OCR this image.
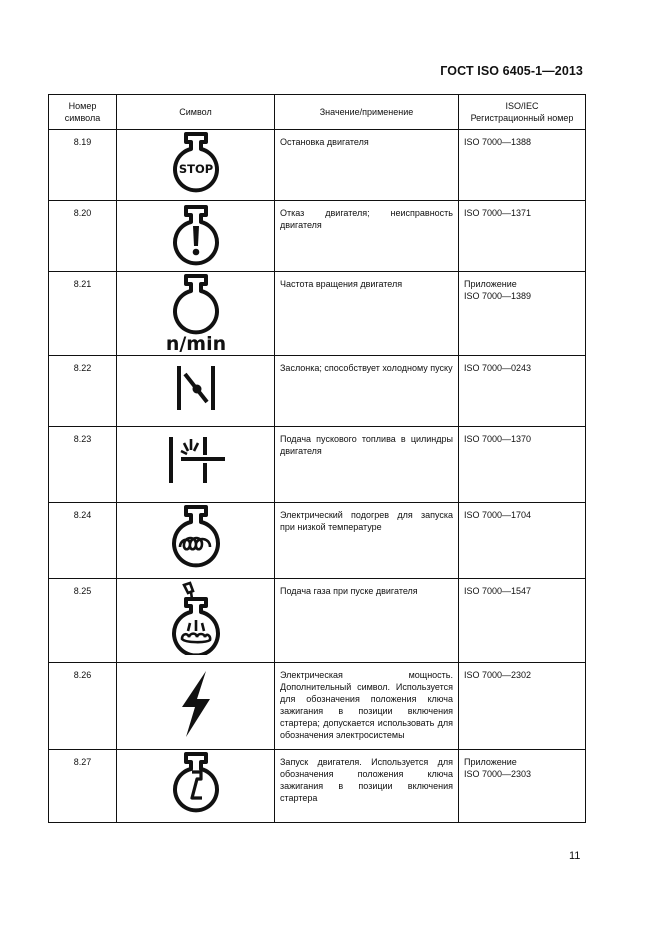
ГОСТ ISO 6405-1—2013
Номер
символа	Символ	Значение/применение	ISO/IEC
Регистрационный номер
8.19	STOP	Остановка двигателя	ISO 7000—1388
8.20		Отказ двигателя; неисправность двигателя	ISO 7000—1371
8.21	n/min	Частота вращения двигателя	Приложение
ISO 7000—1389
8.22		Заслонка; способствует холодному пуску	ISO 7000—0243
8.23		Подача пускового топлива в цилиндры двигателя	ISO 7000—1370
8.24		Электрический подогрев для запуска при низкой температуре	ISO 7000—1704
8.25		Подача газа при пуске двигателя	ISO 7000—1547
8.26		Электрическая мощность. Дополнительный символ. Используется для обозначения положения ключа зажигания в позиции включения стартера; допускается использовать для обозначения электросистемы	ISO 7000—2302
8.27		Запуск двигателя. Используется для обозначения положения ключа зажигания в позиции включения стартера	Приложение
ISO 7000—2303
11
